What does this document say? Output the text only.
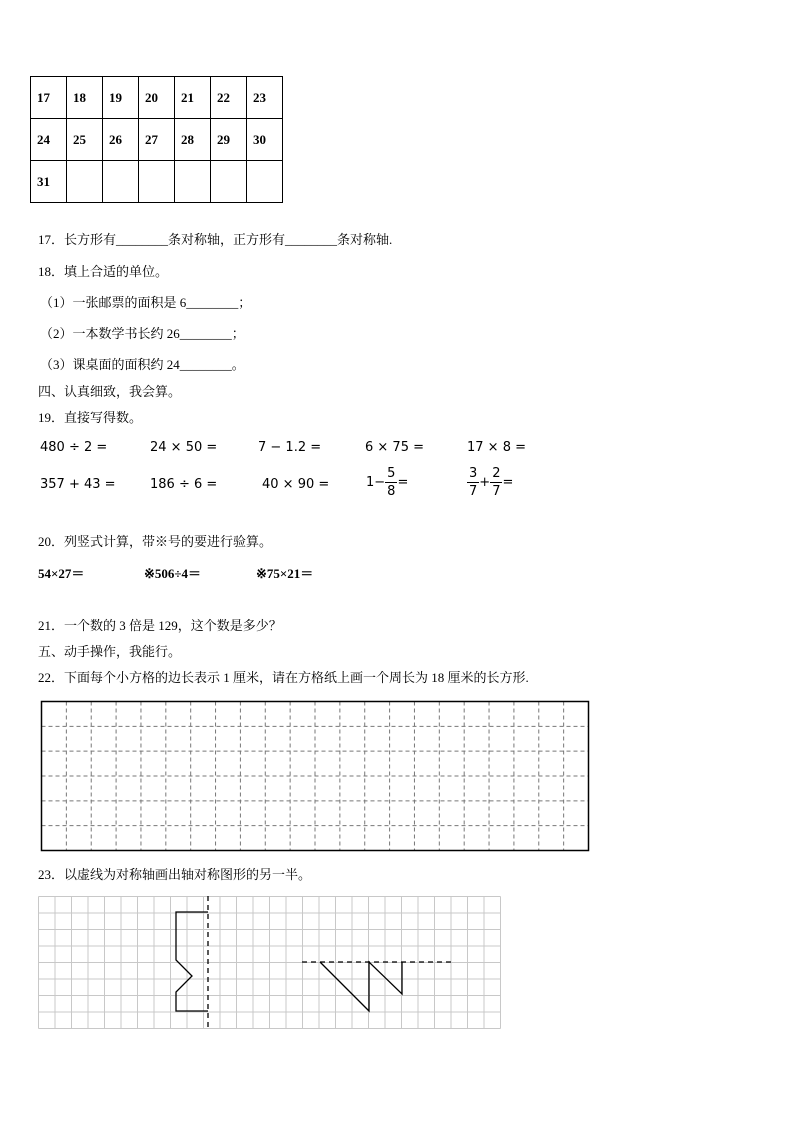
17	18	19	20	21	22	23
24	25	26	27	28	29	30
31						
17．长方形有________条对称轴，正方形有________条对称轴.
18．填上合适的单位。
（1）一张邮票的面积是 6________；
（2）一本数学书长约 26________；
（3）课桌面的面积约 24________。
四、认真细致，我会算。
19．直接写得数。
480 ÷ 2 =	24 × 50 =	7 − 1.2 =	6 × 75 =	17 × 8 =
357 + 43 =	186 ÷ 6 =	40 × 90 =	$1- \frac{5}{8}$ =	$\frac{3}{7} + \frac{2}{7}$ =
20．列竖式计算，带※号的要进行验算。
54×27＝	※506÷4＝	※75×21＝
21．一个数的 3 倍是 129，这个数是多少？
五、动手操作，我能行。
22．下面每个小方格的边长表示 1 厘米，请在方格纸上画一个周长为 18 厘米的长方形.
23．以虚线为对称轴画出轴对称图形的另一半。
